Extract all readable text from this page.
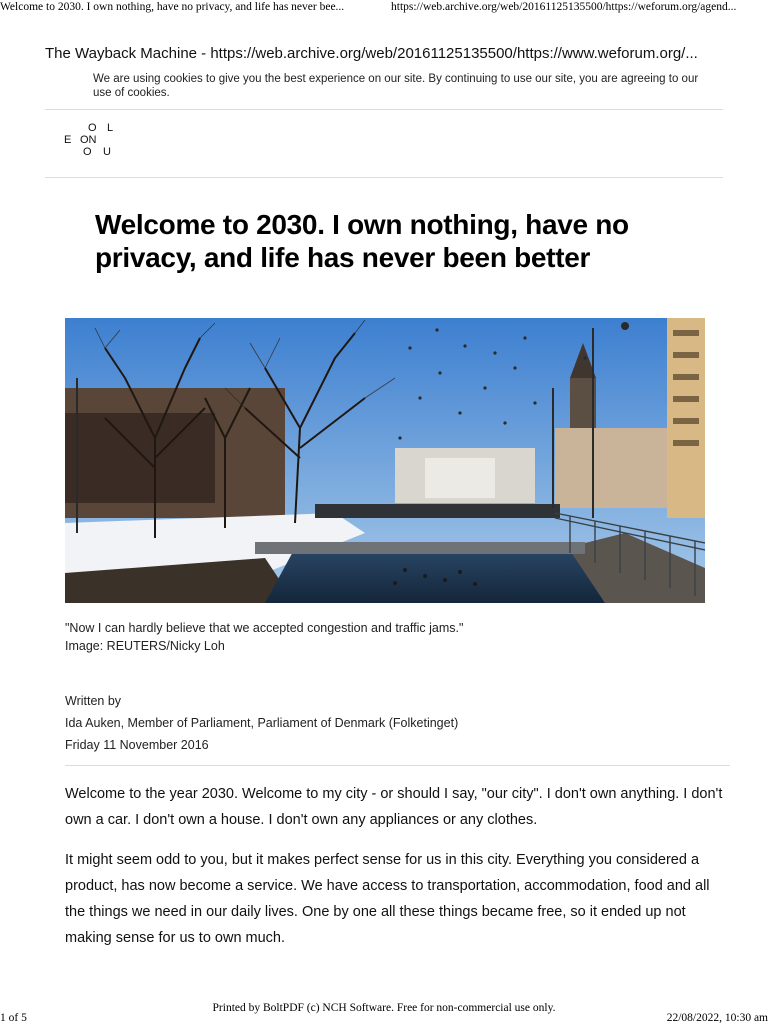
Welcome to 2030. I own nothing, have no privacy, and life has never bee...	https://web.archive.org/web/20161125135500/https://weforum.org/agend...
The Wayback Machine - https://web.archive.org/web/20161125135500/https://www.weforum.org/...
We are using cookies to give you the best experience on our site. By continuing to use our site, you are agreeing to our use of cookies.
O L
E ON
O U
Welcome to 2030. I own nothing, have no privacy, and life has never been better
"Now I can hardly believe that we accepted congestion and traffic jams."
Image: REUTERS/Nicky Loh
Written by
Ida Auken, Member of Parliament, Parliament of Denmark (Folketinget)
Friday 11 November 2016

Welcome to the year 2030. Welcome to my city - or should I say, "our city". I don't own anything. I don't own a car. I don't own a house. I don't own any appliances or any clothes.

It might seem odd to you, but it makes perfect sense for us in this city. Everything you considered a product, has now become a service. We have access to transportation, accommodation, food and all the things we need in our daily lives. One by one all these things became free, so it ended up not making sense for us to own much.

1 of 5
Printed by BoltPDF (c) NCH Software. Free for non-commercial use only.
22/08/2022, 10:30 am
